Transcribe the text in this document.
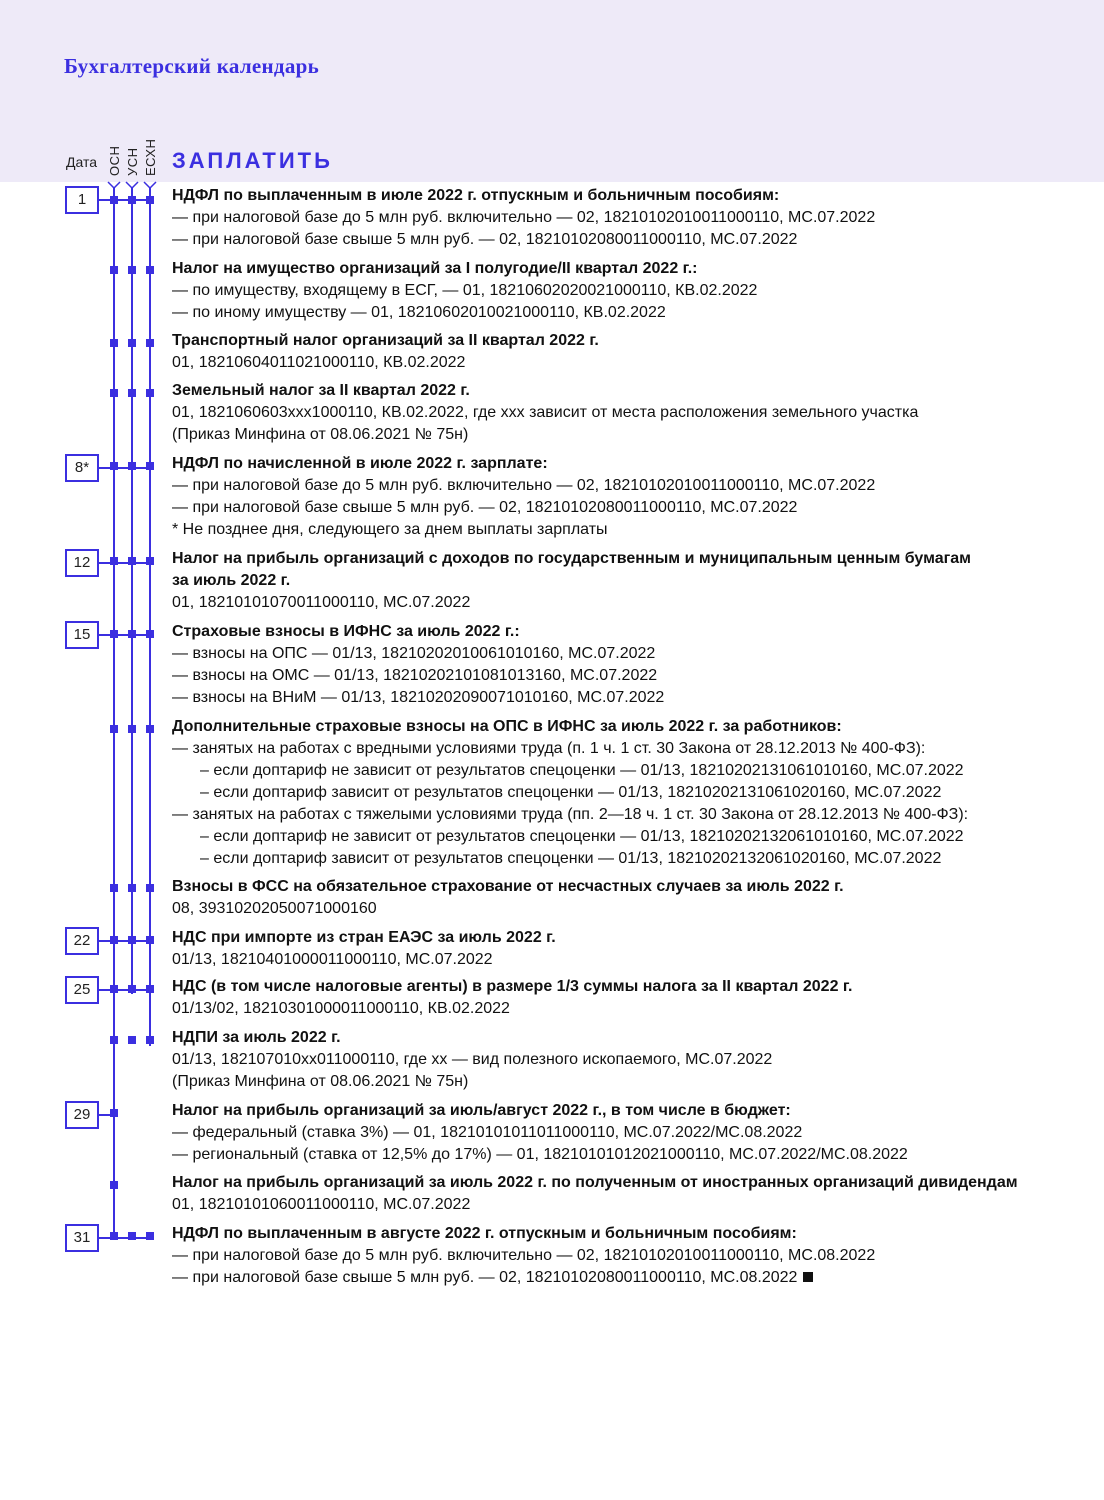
Бухгалтерский календарь
Дата ОСН УСН ЕСХН ЗАПЛАТИТЬ
1
8*
12
15
22
25
29
31
НДФЛ по выплаченным в июле 2022 г. отпускным и больничным пособиям:
— при налоговой базе до 5 млн руб. включительно — 02, 18210102010011000110, МС.07.2022
— при налоговой базе свыше 5 млн руб. — 02, 18210102080011000110, МС.07.2022
Налог на имущество организаций за I полугодие/II квартал 2022 г.:
— по имуществу, входящему в ЕСГ, — 01, 18210602020021000110, КВ.02.2022
— по иному имуществу — 01, 18210602010021000110, КВ.02.2022
Транспортный налог организаций за II квартал 2022 г.
01, 18210604011021000110, КВ.02.2022
Земельный налог за II квартал 2022 г.
01, 1821060603xxx1000110, КВ.02.2022, где ххх зависит от места расположения земельного участка
(Приказ Минфина от 08.06.2021 № 75н)
НДФЛ по начисленной в июле 2022 г. зарплате:
— при налоговой базе до 5 млн руб. включительно — 02, 18210102010011000110, МС.07.2022
— при налоговой базе свыше 5 млн руб. — 02, 18210102080011000110, МС.07.2022
* Не позднее дня, следующего за днем выплаты зарплаты
Налог на прибыль организаций с доходов по государственным и муниципальным ценным бумагам
за июль 2022 г.
01, 18210101070011000110, МС.07.2022
Страховые взносы в ИФНС за июль 2022 г.:
— взносы на ОПС — 01/13, 18210202010061010160, МС.07.2022
— взносы на ОМС — 01/13, 18210202101081013160, МС.07.2022
— взносы на ВНиМ — 01/13, 18210202090071010160, МС.07.2022
Дополнительные страховые взносы на ОПС в ИФНС за июль 2022 г. за работников:
— занятых на работах с вредными условиями труда (п. 1 ч. 1 ст. 30 Закона от 28.12.2013 № 400-ФЗ):
– если доптариф не зависит от результатов спецоценки — 01/13, 18210202131061010160, МС.07.2022
– если доптариф зависит от результатов спецоценки — 01/13, 18210202131061020160, МС.07.2022
— занятых на работах с тяжелыми условиями труда (пп. 2—18 ч. 1 ст. 30 Закона от 28.12.2013 № 400-ФЗ):
– если доптариф не зависит от результатов спецоценки — 01/13, 18210202132061010160, МС.07.2022
– если доптариф зависит от результатов спецоценки — 01/13, 18210202132061020160, МС.07.2022
Взносы в ФСС на обязательное страхование от несчастных случаев за июль 2022 г.
08, 39310202050071000160
НДС при импорте из стран ЕАЭС за июль 2022 г.
01/13, 18210401000011000110, МС.07.2022
НДС (в том числе налоговые агенты) в размере 1/3 суммы налога за II квартал 2022 г.
01/13/02, 18210301000011000110, КВ.02.2022
НДПИ за июль 2022 г.
01/13, 182107010хх011000110, где хх — вид полезного ископаемого, МС.07.2022
(Приказ Минфина от 08.06.2021 № 75н)
Налог на прибыль организаций за июль/август 2022 г., в том числе в бюджет:
— федеральный (ставка 3%) — 01, 18210101011011000110, МС.07.2022/МС.08.2022
— региональный (ставка от 12,5% до 17%) — 01, 18210101012021000110, МС.07.2022/МС.08.2022
Налог на прибыль организаций за июль 2022 г. по полученным от иностранных организаций дивидендам
01, 18210101060011000110, МС.07.2022
НДФЛ по выплаченным в августе 2022 г. отпускным и больничным пособиям:
— при налоговой базе до 5 млн руб. включительно — 02, 18210102010011000110, МС.08.2022
— при налоговой базе свыше 5 млн руб. — 02, 18210102080011000110, МС.08.2022
